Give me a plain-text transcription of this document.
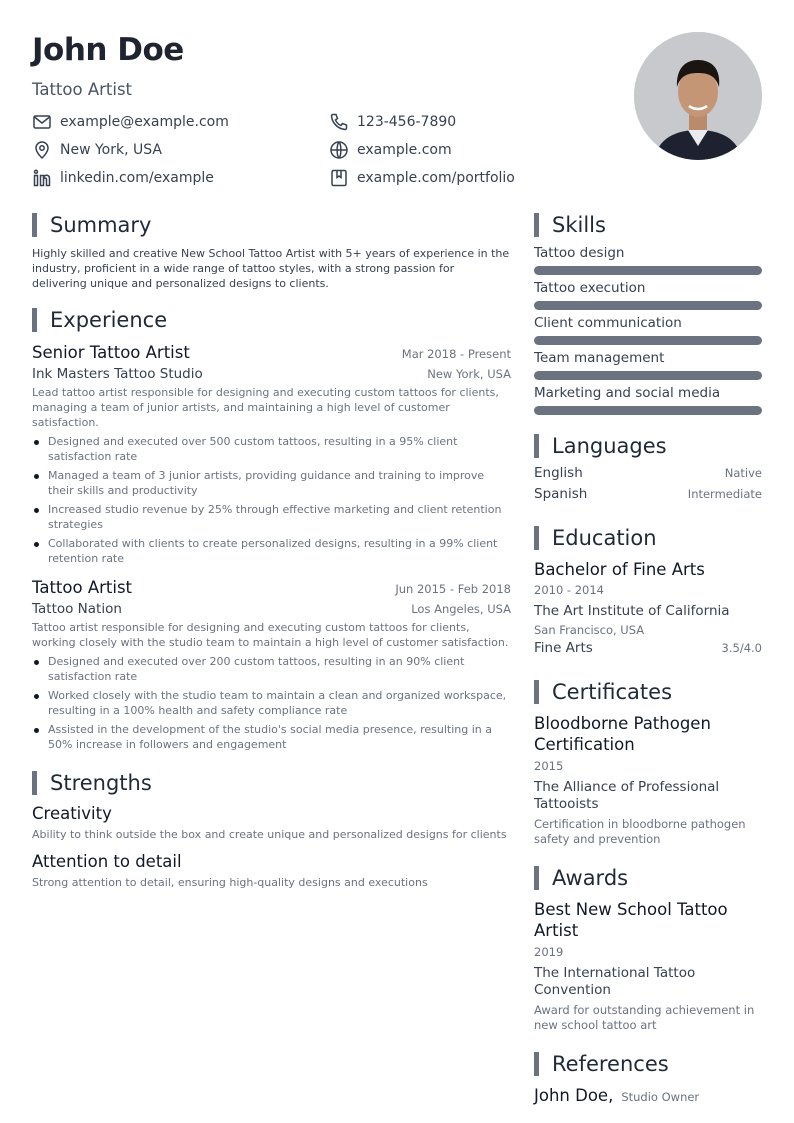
John Doe
Tattoo Artist
example@example.com	123-456-7890
New York, USA	example.com
linkedin.com/example	example.com/portfolio
Summary
Highly skilled and creative New School Tattoo Artist with 5+ years of experience in the industry, proficient in a wide range of tattoo styles, with a strong passion for delivering unique and personalized designs to clients.
Experience
Senior Tattoo Artist	Mar 2018 - Present
Ink Masters Tattoo Studio	New York, USA
Lead tattoo artist responsible for designing and executing custom tattoos for clients, managing a team of junior artists, and maintaining a high level of customer satisfaction.
Designed and executed over 500 custom tattoos, resulting in a 95% client satisfaction rate
Managed a team of 3 junior artists, providing guidance and training to improve their skills and productivity
Increased studio revenue by 25% through effective marketing and client retention strategies
Collaborated with clients to create personalized designs, resulting in a 99% client retention rate
Tattoo Artist	Jun 2015 - Feb 2018
Tattoo Nation	Los Angeles, USA
Tattoo artist responsible for designing and executing custom tattoos for clients, working closely with the studio team to maintain a high level of customer satisfaction.
Designed and executed over 200 custom tattoos, resulting in an 90% client satisfaction rate
Worked closely with the studio team to maintain a clean and organized workspace, resulting in a 100% health and safety compliance rate
Assisted in the development of the studio's social media presence, resulting in a 50% increase in followers and engagement
Strengths
Creativity
Ability to think outside the box and create unique and personalized designs for clients
Attention to detail
Strong attention to detail, ensuring high-quality designs and executions
Skills
Tattoo design
Tattoo execution
Client communication
Team management
Marketing and social media
Languages
English	Native
Spanish	Intermediate
Education
Bachelor of Fine Arts
2010 - 2014
The Art Institute of California
San Francisco, USA
Fine Arts	3.5/4.0
Certificates
Bloodborne Pathogen Certification
2015
The Alliance of Professional Tattooists
Certification in bloodborne pathogen safety and prevention
Awards
Best New School Tattoo Artist
2019
The International Tattoo Convention
Award for outstanding achievement in new school tattoo art
References
John Doe, Studio Owner
